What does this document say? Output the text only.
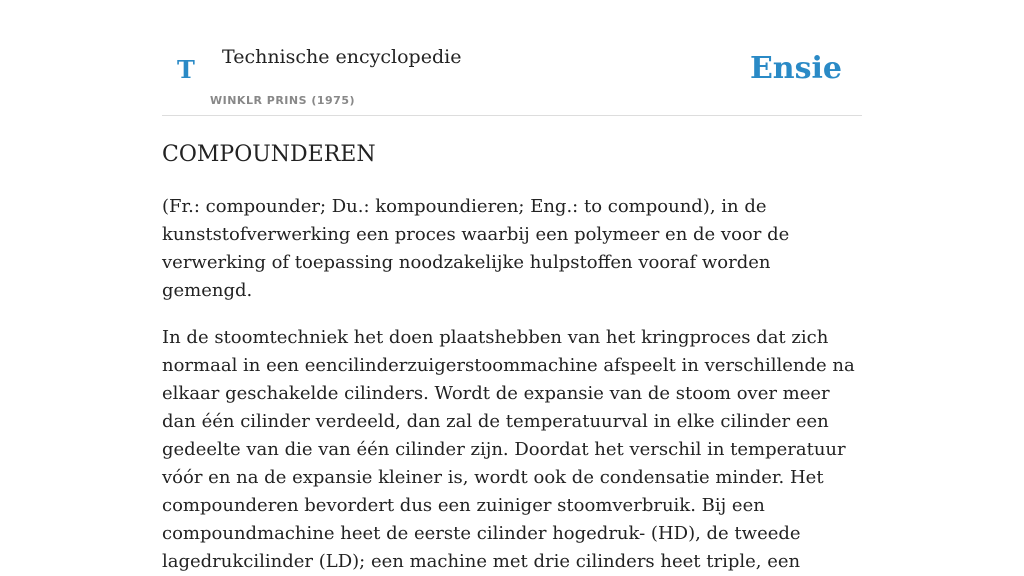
T Technische encyclopedie
WINKLR PRINS (1975)
Ensie
COMPOUNDEREN

(Fr.: compounder; Du.: kompoundieren; Eng.: to compound), in de kunststofverwerking een proces waarbij een polymeer en de voor de verwerking of toepassing noodzakelijke hulpstoffen vooraf worden gemengd.

In de stoomtechniek het doen plaatshebben van het kringproces dat zich normaal in een eencilinderzuigerstoommachine afspeelt in verschillende na elkaar geschakelde cilinders. Wordt de expansie van de stoom over meer dan één cilinder verdeeld, dan zal de temperatuurval in elke cilinder een gedeelte van die van één cilinder zijn. Doordat het verschil in temperatuur vóór en na de expansie kleiner is, wordt ook de condensatie minder. Het compounderen bevordert dus een zuiniger stoomverbruik. Bij een compoundmachine heet de eerste cilinder hogedruk- (HD), de tweede lagedrukcilinder (LD); een machine met drie cilinders heet triple, een
